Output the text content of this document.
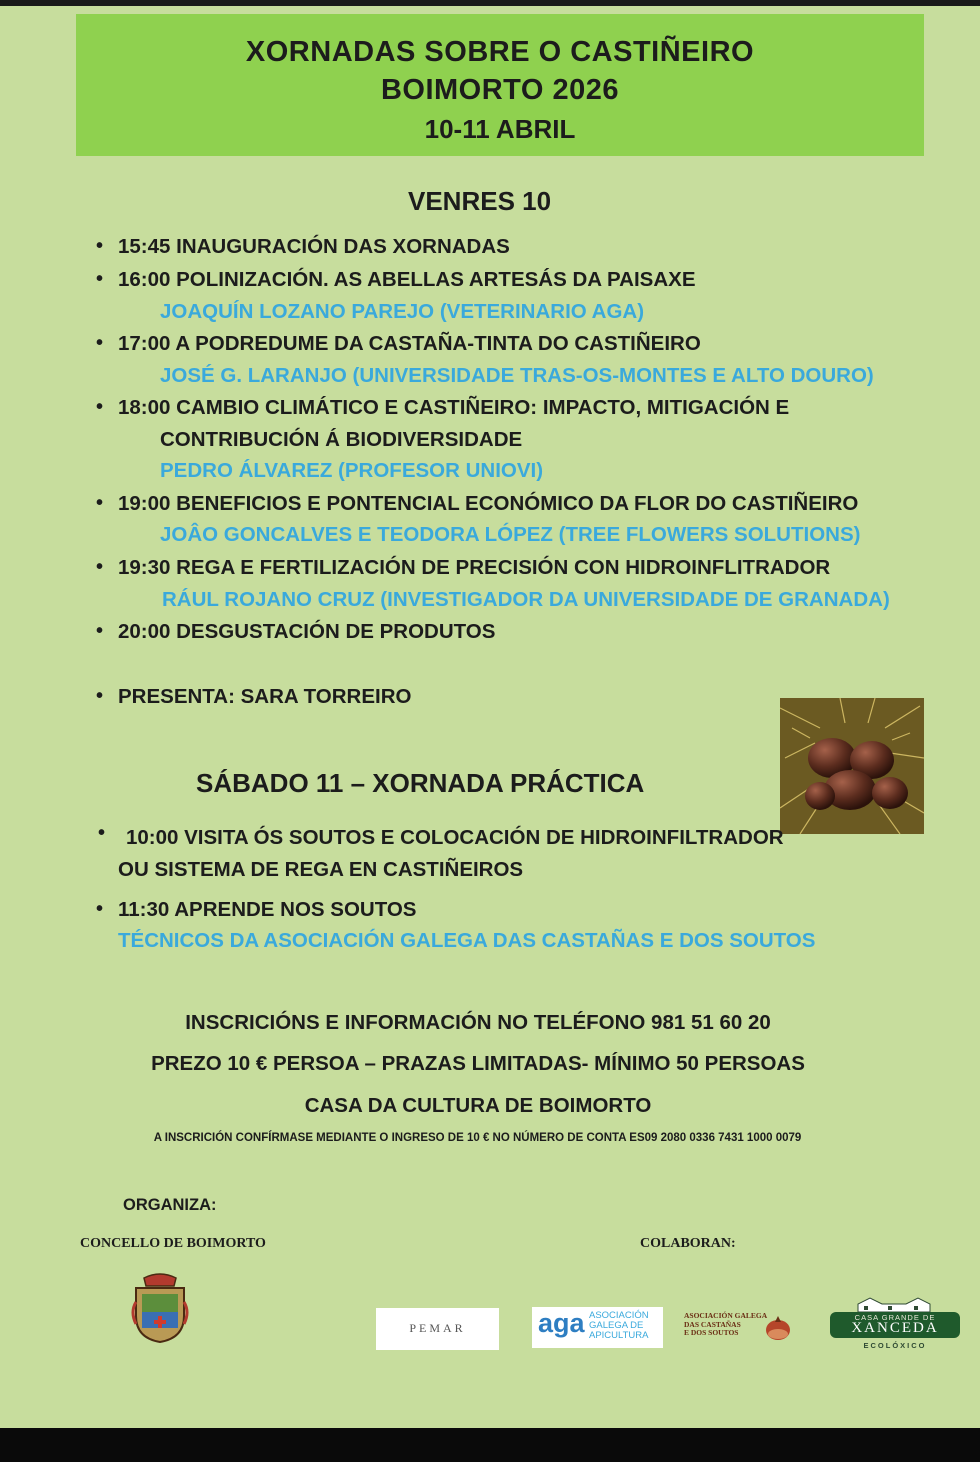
XORNADAS SOBRE O CASTIÑEIRO
BOIMORTO 2026
10-11 ABRIL
VENRES 10
• 15:45 INAUGURACIÓN DAS XORNADAS
• 16:00 POLINIZACIÓN. AS ABELLAS ARTESÁS DA PAISAXE
JOAQUÍN LOZANO PAREJO (VETERINARIO AGA)
• 17:00 A PODREDUME DA CASTAÑA-TINTA DO CASTIÑEIRO
JOSÉ G. LARANJO (UNIVERSIDADE TRAS-OS-MONTES E ALTO DOURO)
• 18:00 CAMBIO CLIMÁTICO E CASTIÑEIRO: IMPACTO, MITIGACIÓN E
CONTRIBUCIÓN Á BIODIVERSIDADE
PEDRO ÁLVAREZ (PROFESOR UNIOVI)
• 19:00 BENEFICIOS E PONTENCIAL ECONÓMICO DA FLOR DO CASTIÑEIRO
JOÂO GONCALVES E TEODORA LÓPEZ (TREE FLOWERS SOLUTIONS)
• 19:30 REGA E FERTILIZACIÓN DE PRECISIÓN CON HIDROINFLITRADOR
RÁUL ROJANO CRUZ (INVESTIGADOR DA UNIVERSIDADE DE GRANADA)
• 20:00 DESGUSTACIÓN DE PRODUTOS
• PRESENTA: SARA TORREIRO
SÁBADO 11 – XORNADA PRÁCTICA
• 10:00 VISITA ÓS SOUTOS E COLOCACIÓN DE HIDROINFILTRADOR
OU SISTEMA DE REGA EN CASTIÑEIROS
• 11:30 APRENDE NOS SOUTOS
TÉCNICOS DA ASOCIACIÓN GALEGA DAS CASTAÑAS E DOS SOUTOS
INSCRICIÓNS E INFORMACIÓN NO TELÉFONO 981 51 60 20
PREZO 10 € PERSOA – PRAZAS LIMITADAS- MÍNIMO 50 PERSOAS
CASA DA CULTURA DE BOIMORTO
A INSCRICIÓN CONFÍRMASE MEDIANTE O INGRESO DE 10 € NO NÚMERO DE CONTA ES09 2080 0336 7431 1000 0079
ORGANIZA:
CONCELLO DE BOIMORTO	COLABORAN:
PEMAR	aga ASOCIACIÓN
GALEGA DE
APICULTURA
ASOCIACIÓN GALEGA
DAS CASTAÑAS
E DOS SOUTOS
CASA GRANDE DE
XANCEDA
ECOLÓXICO
